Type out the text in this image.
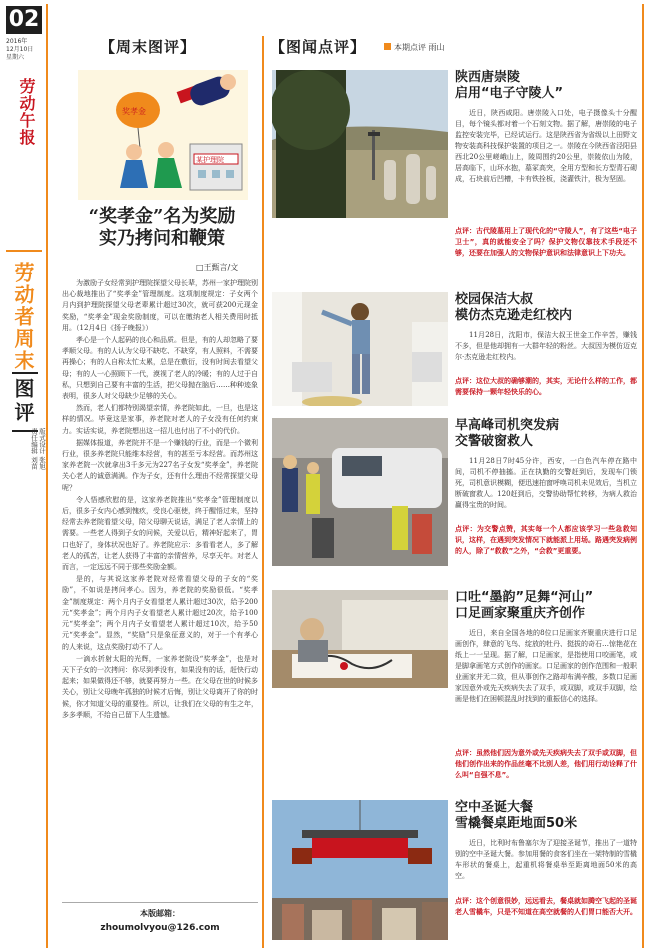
02
2016年
12月10日
星期六
劳动午报
劳动者周末
图评
版式设计 张旭
责任编辑 刘苗
【周末图评】
奖孝金
某护理院
“奖孝金”名为奖励
实乃拷问和鞭策
□王甄言/文

为激励子女经常到护理院探望父母长辈，苏州一家护理院别出心裁地推出了“奖孝金”管理制度。这项制度规定：子女两个月内到护理院探望父母老辈累计超过30次，就可获200元现金奖励，“奖孝金”现金奖励制度，可以在缴纳老人相关费用时抵用。（12月4日《扬子晚报》）

孝心是一个人起码的良心和品质。但是，有的人却忽略了要孝顺父母。有的人认为父母不缺吃、不缺穿，有人照料，不需要再操心；有的人自称太忙太累，总是在敷衍，没有时间去看望父母；有的人一心照顾下一代，漠视了老人的冷暖；有的人过于自私，只想到自己要有丰富的生活，把父母抛在脑后……种种迹象表明，很多人对父母缺少足够的关心。

然而，老人们都特别渴望亲情，养老院如此，一旦，也是这样的情况。毕竟这是家事，养老院对老人的子女没有任何约束力。实话实说，养老院想出这一招儿也付出了不小的代价。

据媒体报道，养老院并不是一个赚钱的行业，而是一个微利行业，很多养老院只能维本经营，有的甚至亏本经营。而苏州这家养老院一次就拿出3千多元为227名子女发“奖孝金”，养老院关心老人的诚意满满。作为子女，还有什么理由不经常探望父母呢？

令人悟感欣慰的是，这家养老院推出“奖孝金”管理制度以后，很多子女内心感到愧疚，受良心驱使，终于醒悟过来，坚持经常去养老院看望父母，陪父母聊天说话，满足了老人亲情上的需要。一些老人得到子女的问候，关爱以后，精神好起来了，胃口也好了，身体状况也好了。养老院应示：多看看老人，多了解老人的孤苦，让老人获得了丰富的亲情营养，尽享天年。对老人而言，一定远远不同于那些奖励金额。

是的，与其说这家养老院对经常看望父母的子女的“奖励”，不如说是拷问孝心。因为，养老院的奖励很低。“奖孝金”制度规定：两个月内子女看望老人累计超过30次，给予200元“奖孝金”；两个月内子女看望老人累计超过20次，给予100元“奖孝金”；两个月内子女看望老人累计超过10次，给予50元“奖孝金”。显然，“奖励”只是象征意义的，对于一个有孝心的人来说，这点奖励打动不了人。

一滴水折射太阳的光辉，一家养老院设“奖孝金”，也是对天下子女的一次拷问：你尽到孝没有，如果没有的话，赶快行动起来；如果做得还不够，就要再努力一些。在父母在世的时候多关心，别让父母晚年孤独的时候才后悔，别让父母离开了你的时候，你才知道父母的重要性。所以，让我们在父母的有生之年，多多孝顺，不给自己留下人生遗憾。

本版邮箱：
zhoumolvyou@126.com
【图闻点评】	本期点评 雨山
陕西唐崇陵
启用“电子守陵人”
近日，陕西咸阳。唐崇陵入口处，电子摄像头十分醒目，每个镜头都对着一个石刻文物。据了解，唐崇陵的电子监控安装完毕，已经试运行。这是陕西省为省级以上田野文物安装高科技保护装置的项目之一。崇陵在今陕西省泾阳县西北20公里嵯峨山上，陵周围约20公里，崇陵依山为陵，居高临下，山环水抱，墓冢高突，全用方型和长方型青石砌成，石块前后凹槽，卡有铁拴板，浇灌铁汁，极为坚固。
点评：古代陵墓用上了现代化的“守陵人”，有了这些“电子卫士”，真的就能安全了吗？保护文物仅靠技术手段还不够，还要在加强人的文物保护意识和法律意识上下功夫。
校园保洁大叔
模仿杰克逊走红校内
11月28日，沈阳市，保洁大叔王世金工作辛苦，赚钱不多，但是他却拥有一大群年轻的粉丝。大叔因为模仿迈克尔·杰克逊走红校内。
点评：这位大叔的确够潮的，其实，无论什么样的工作，都需要保持一颗年轻快乐的心。
早高峰司机突发病
交警破窗救人
11月28日7时45分许，西安，一白色汽车停在路中间，司机不停抽搐。正在执勤的交警赶到后，发现车门锁死，司机意识模糊，便迅速拍窗呼唤司机未见效后，当机立断破窗救人。120赶到后，交警协助帮忙转移，为病人救治赢得宝贵的时间。
点评：为交警点赞，其实每一个人都应该学习一些急救知识，这样，在遇到突发情况下就能派上用场。路遇突发病例的人，除了“救救”之外，“会救”更重要。
口吐“墨韵”足舞“河山”
口足画家聚重庆齐创作
近日，来自全国各地的8位口足画家齐聚重庆进行口足画创作，肆意的飞鸟、绽放的牡丹、挺拔的奇石…惊艳花在纸上一一呈现。据了解，口足画家，是指使用口咬画笔，或是脚拿画笔方式创作的画家。口足画家的创作范围和一般职业画家并无二致，但从事创作之路却布满辛酸，多数口足画家因意外或先天疾病失去了双手，或双脚，或双手双脚，绘画是他们在困顿混乱时找到的重振信心的选择。
点评：虽然他们因为意外或先天疾病失去了双手或双脚，但他们创作出来的作品丝毫不比别人差，他们用行动诠释了什么叫“自强不息”。
空中圣诞大餐
雪橇餐桌距地面50米
近日，比利时布鲁塞尔为了迎接圣诞节，推出了一道特别的空中圣诞大餐。参加用餐的食客们坐在一架特制的雪橇车形状的餐桌上，起重机将餐桌举至距离地面50米的高空。
点评：这个创意很妙，远远看去，餐桌就如腾空飞起的圣诞老人雪橇车，只是不知道在高空就餐的人们胃口能否大开。
